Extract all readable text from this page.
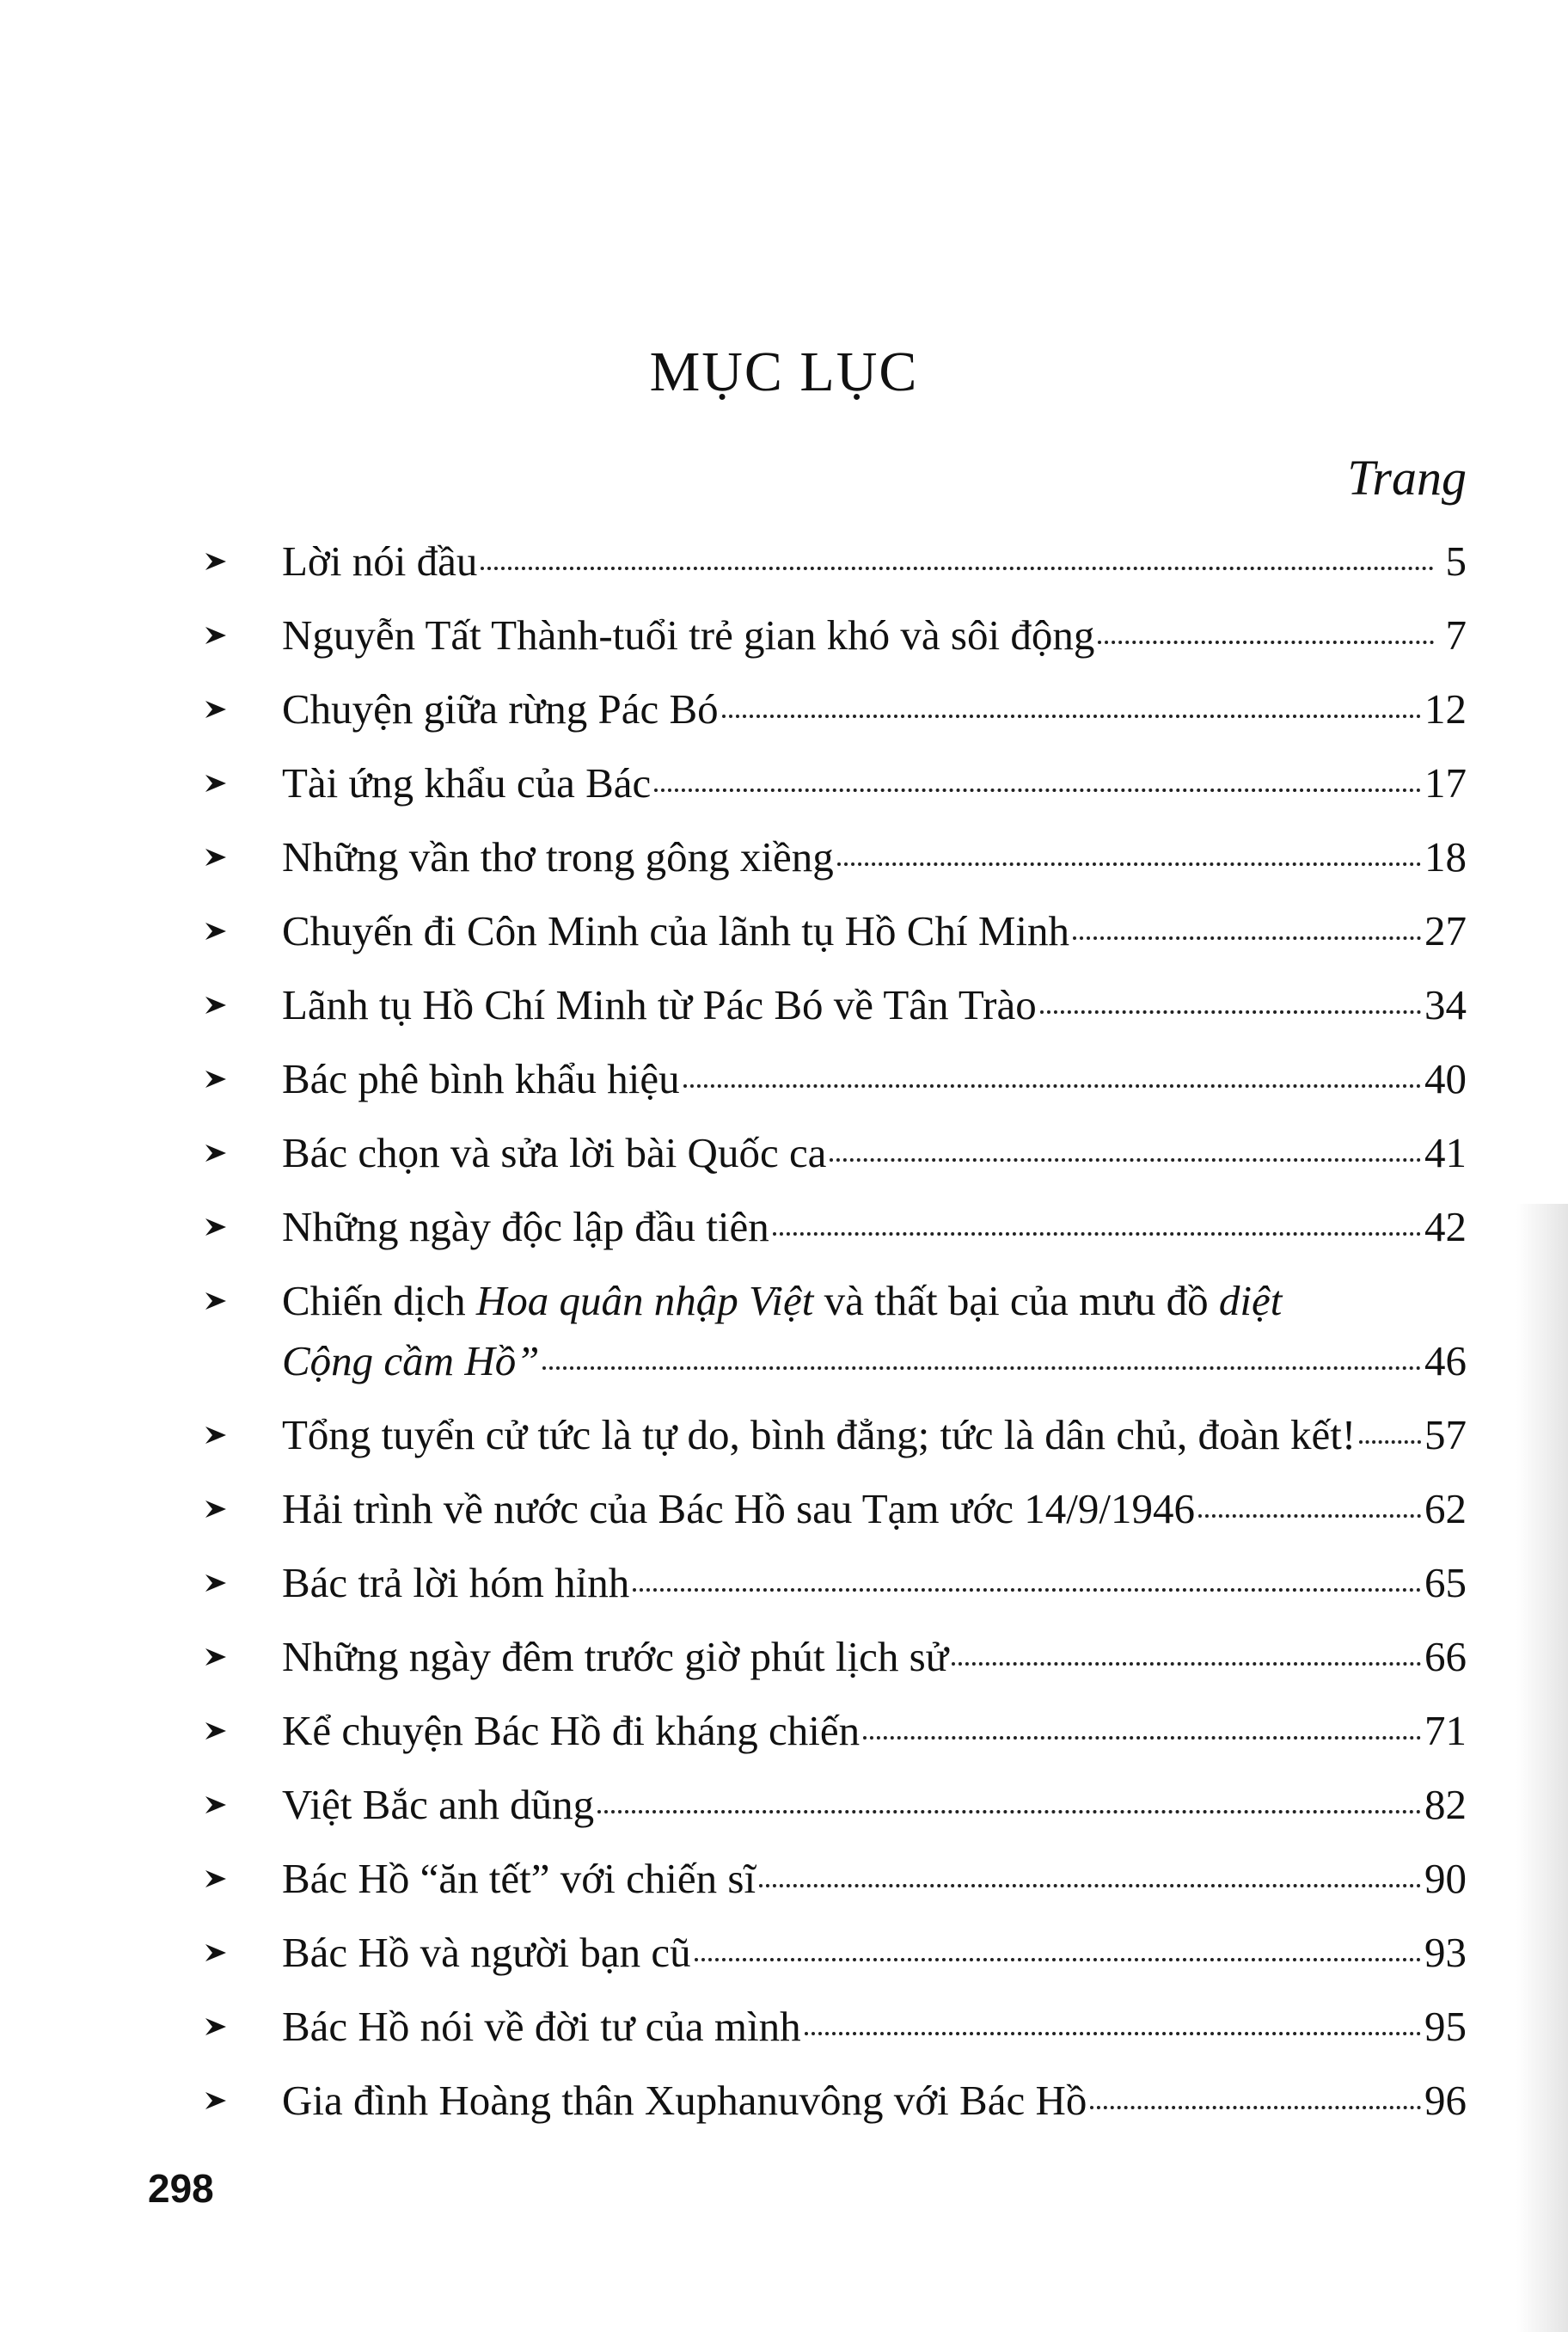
MỤC LỤC
Trang
Lời nói đầu	5
Nguyễn Tất Thành-tuổi trẻ gian khó và sôi động	7
Chuyện giữa rừng Pác Bó	12
Tài ứng khẩu của Bác	17
Những vần thơ trong gông xiềng	18
Chuyến đi Côn Minh của lãnh tụ Hồ Chí Minh	27
Lãnh tụ Hồ Chí Minh từ Pác Bó về Tân Trào	34
Bác phê bình khẩu hiệu	40
Bác chọn và sửa lời bài Quốc ca	41
Những ngày độc lập đầu tiên	42
Chiến dịch Hoa quân nhập Việt và thất bại của mưu đồ diệt
Cộng cầm Hồ”	46
Tổng tuyển cử tức là tự do, bình đẳng; tức là dân chủ, đoàn kết! 57
Hải trình về nước của Bác Hồ sau Tạm ước 14/9/1946	62
Bác trả lời hóm hỉnh	65
Những ngày đêm trước giờ phút lịch sử	66
Kể chuyện Bác Hồ đi kháng chiến	71
Việt Bắc anh dũng	82
Bác Hồ “ăn tết” với chiến sĩ	90
Bác Hồ và người bạn cũ	93
Bác Hồ nói về đời tư của mình	95
Gia đình Hoàng thân Xuphanuvông với Bác Hồ	96
298
